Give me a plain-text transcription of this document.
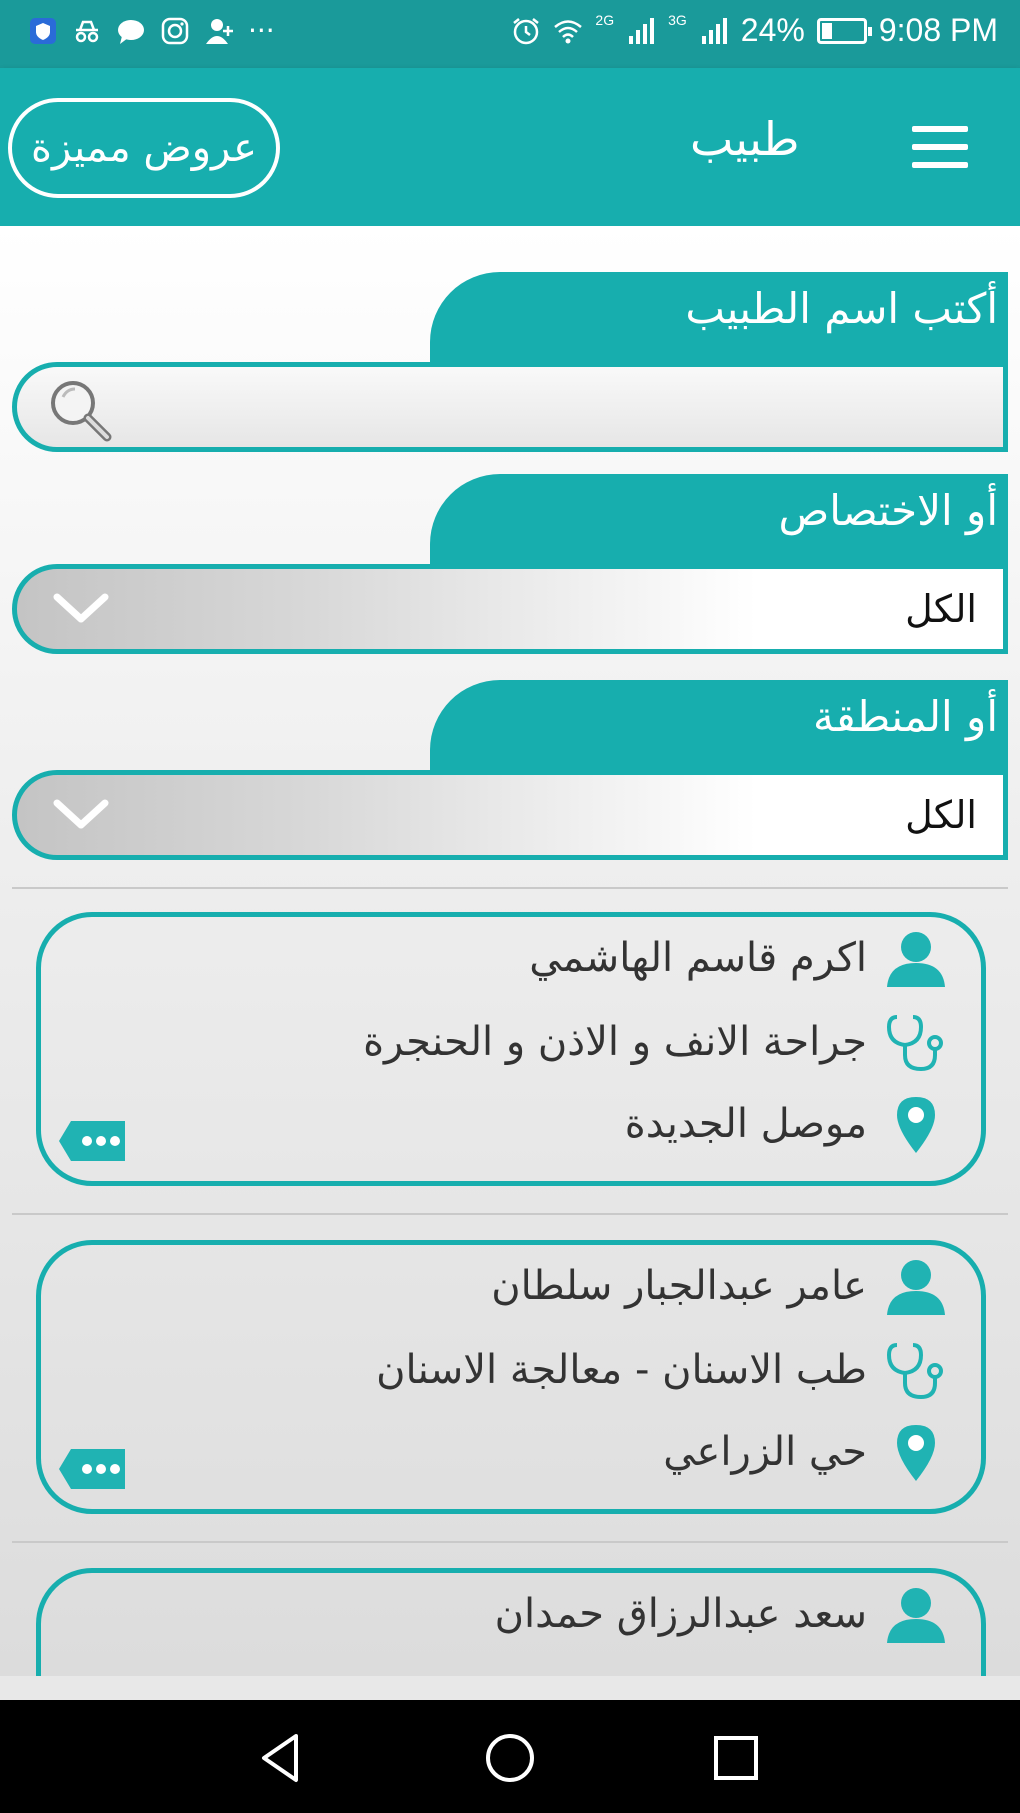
···	2G	3G 24% 9:08 PM
عروض مميزة	طبيب
أكتب اسم الطبيب
أو الاختصاص
الكل
أو المنطقة
الكل
اكرم قاسم الهاشمي
جراحة الانف و الاذن و الحنجرة
موصل الجديدة
عامر عبدالجبار سلطان
طب الاسنان - معالجة الاسنان
حي الزراعي
سعد عبدالرزاق حمدان
